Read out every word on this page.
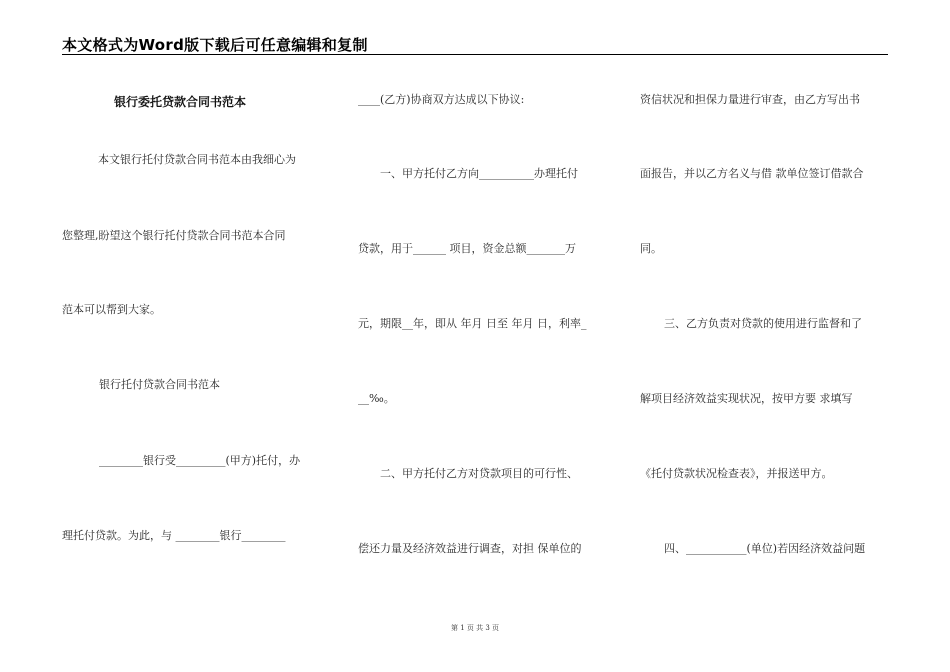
本文格式为Word版下载后可任意编辑和复制
银行委托贷款合同书范本
本文银行托付贷款合同书范本由我细心为
您整理,盼望这个银行托付贷款合同书范本合同
范本可以帮到大家。
银行托付贷款合同书范本
________银行受_________(甲方)托付，办
理托付贷款。为此，与 ________银行________
____(乙方)协商双方达成以下协议:
一、甲方托付乙方向__________办理托付
贷款，用于______ 项目，资金总额_______万
元，期限__年，即从 年月 日至 年月 日，利率_
__‰。
二、甲方托付乙方对贷款项目的可行性、
偿还力量及经济效益进行调查，对担 保单位的
资信状况和担保力量进行审查，由乙方写出书
面报告，并以乙方名义与借 款单位签订借款合
同。
三、乙方负责对贷款的使用进行监督和了
解项目经济效益实现状况，按甲方要 求填写
《托付贷款状况检查表》，并报送甲方。
四、___________(单位)若因经济效益问题
第 1 页 共 3 页
